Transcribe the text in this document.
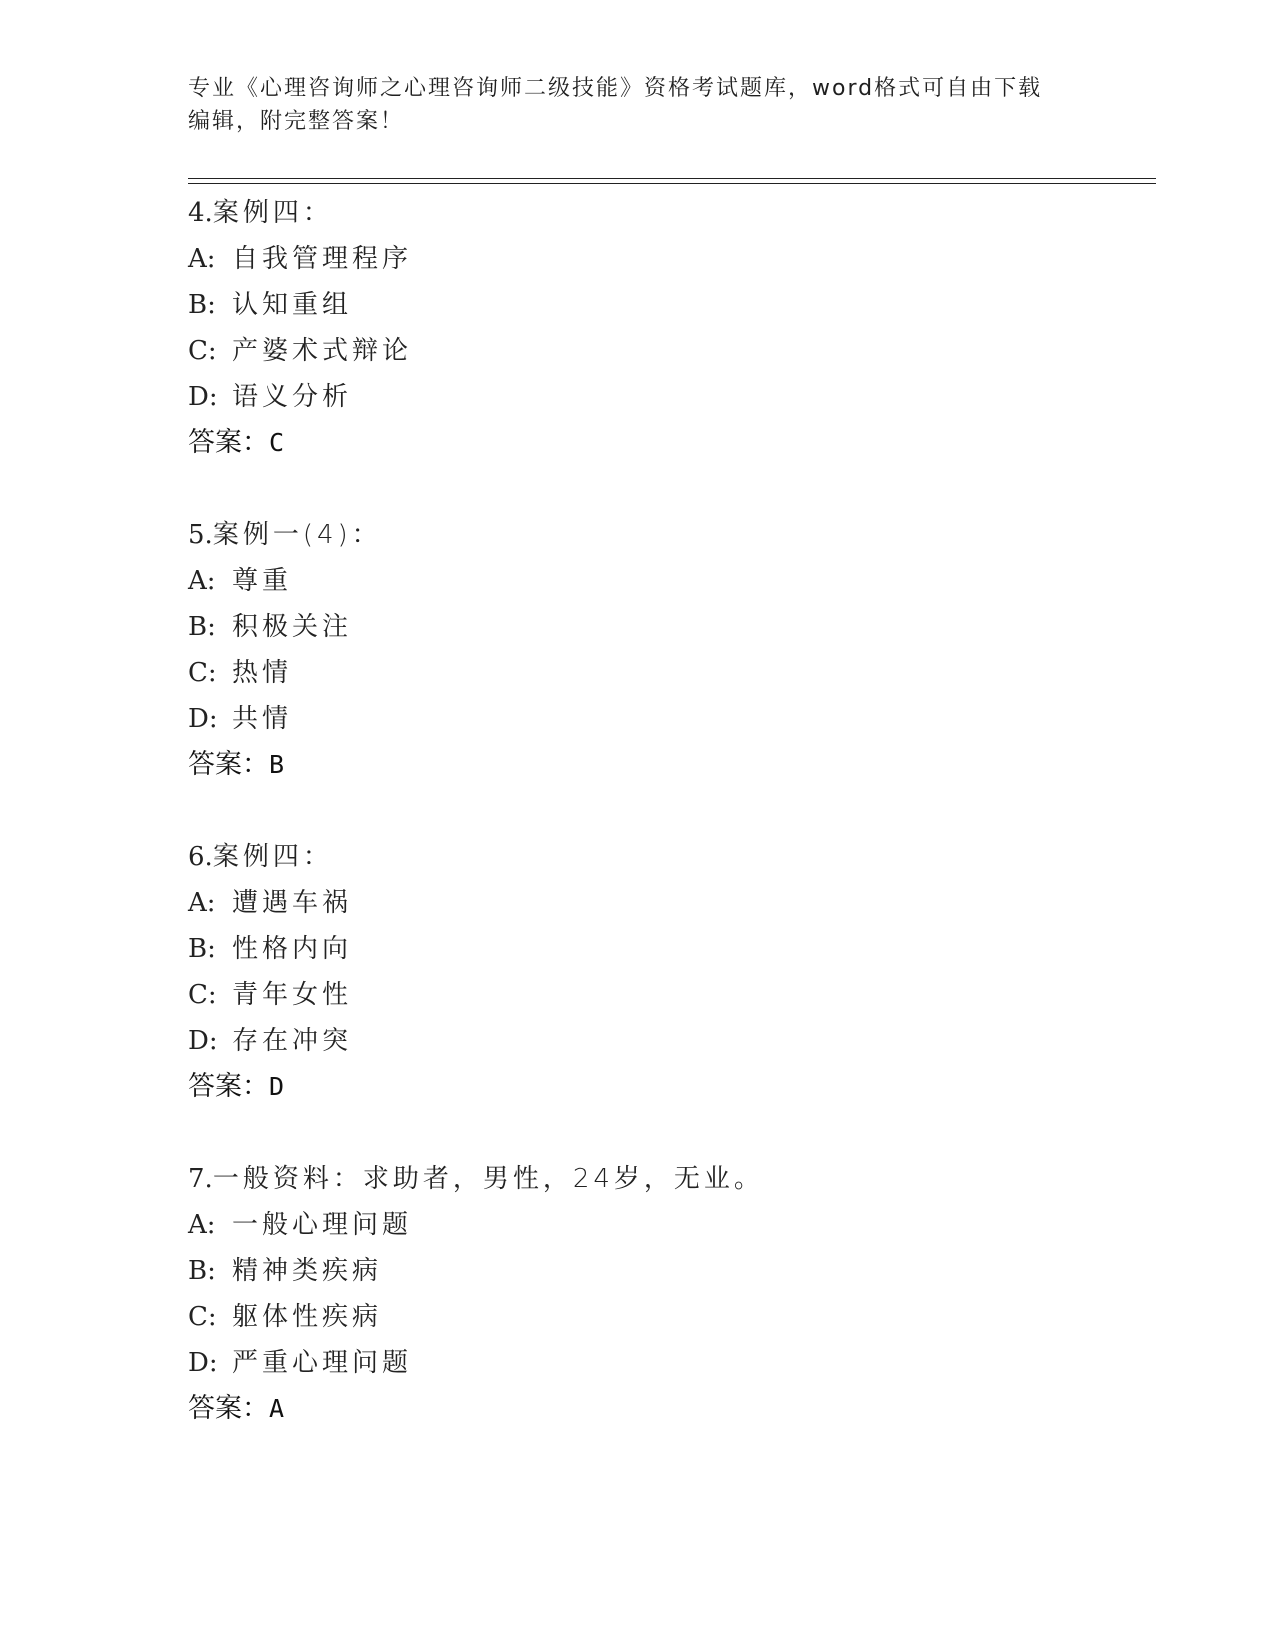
专业《心理咨询师之心理咨询师二级技能》资格考试题库，word格式可自由下载
编辑，附完整答案！
4.案例四：
A: 自我管理程序
B: 认知重组
C: 产婆术式辩论
D: 语义分析
答案：C
5.案例一(4)：
A: 尊重
B: 积极关注
C: 热情
D: 共情
答案：B
6.案例四：
A: 遭遇车祸
B: 性格内向
C: 青年女性
D: 存在冲突
答案：D
7.一般资料：求助者，男性，24岁，无业。
A: 一般心理问题
B: 精神类疾病
C: 躯体性疾病
D: 严重心理问题
答案：A
